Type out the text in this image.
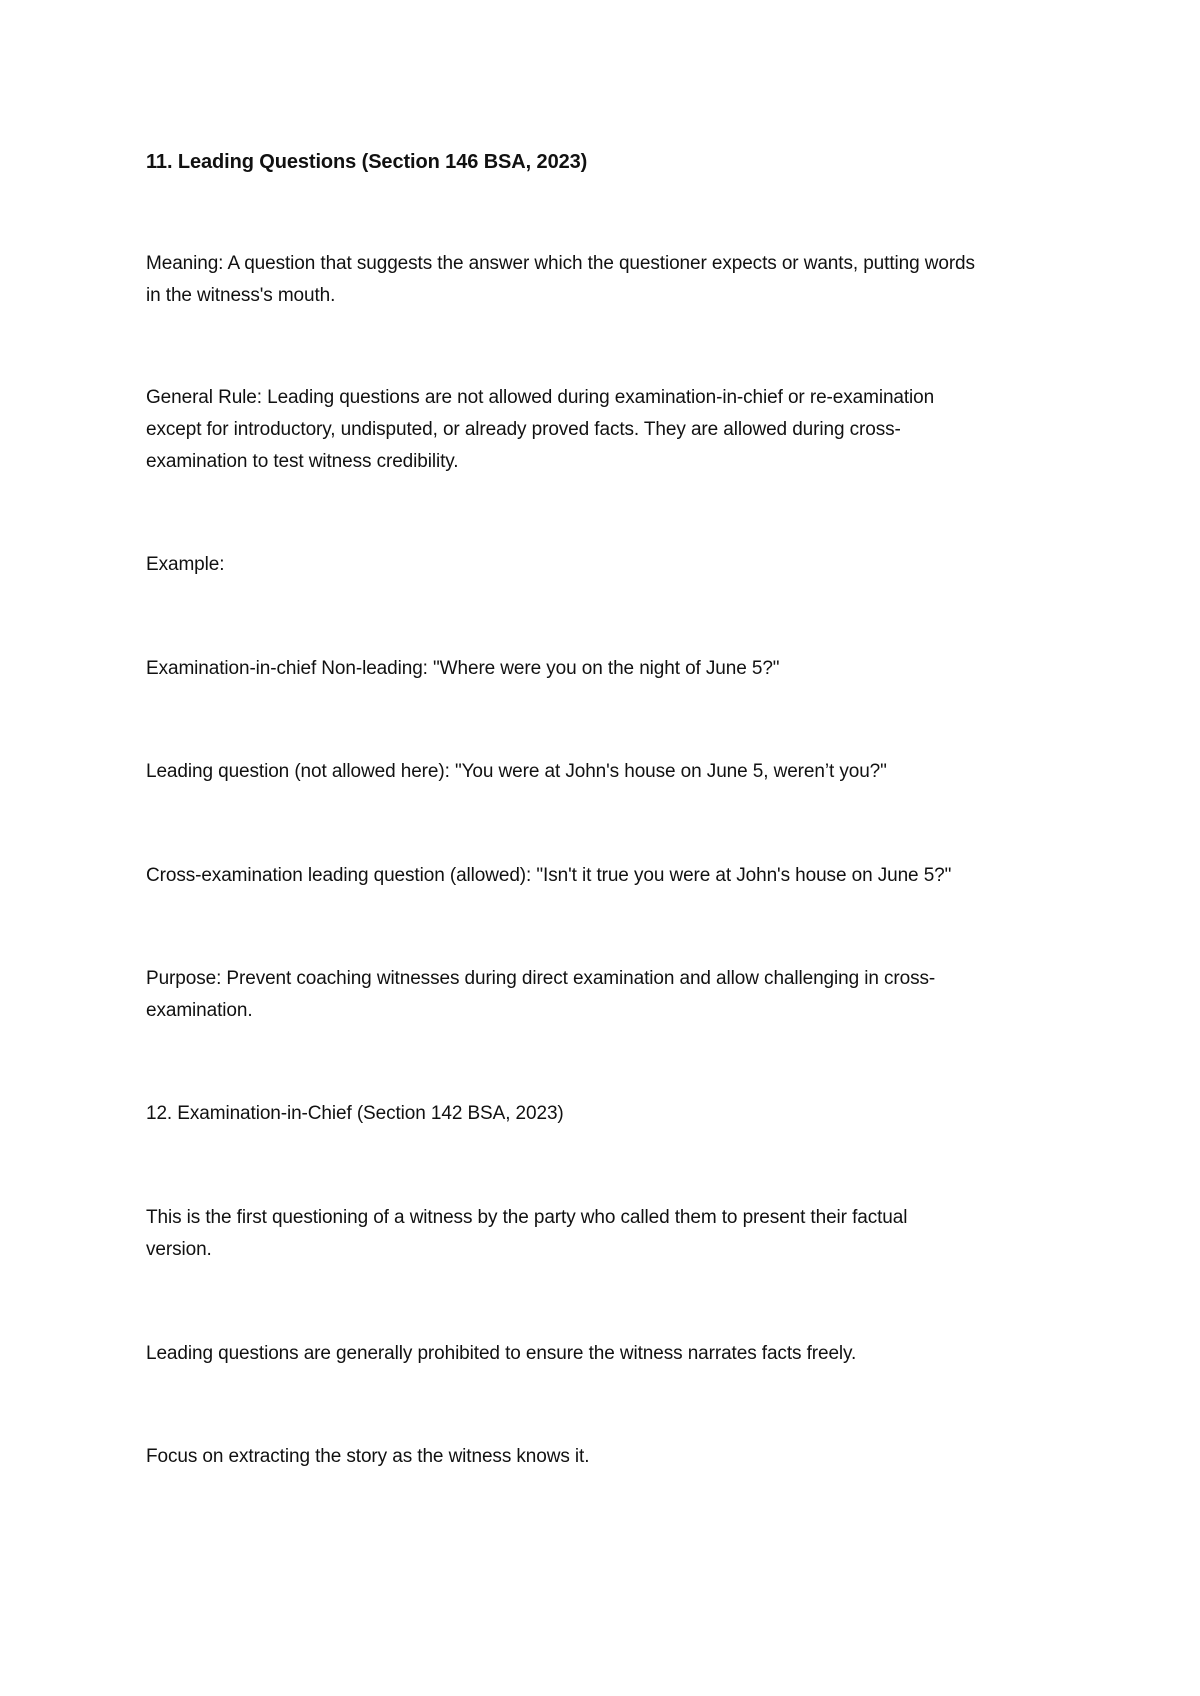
11. Leading Questions (Section 146 BSA, 2023)
Meaning: A question that suggests the answer which the questioner expects or wants, putting words
in the witness's mouth.
General Rule: Leading questions are not allowed during examination-in-chief or re-examination
except for introductory, undisputed, or already proved facts. They are allowed during cross-
examination to test witness credibility.
Example:
Examination-in-chief Non-leading: "Where were you on the night of June 5?"
Leading question (not allowed here): "You were at John's house on June 5, weren’t you?"
Cross-examination leading question (allowed): "Isn't it true you were at John's house on June 5?"
Purpose: Prevent coaching witnesses during direct examination and allow challenging in cross-
examination.
12. Examination-in-Chief (Section 142 BSA, 2023)
This is the first questioning of a witness by the party who called them to present their factual
version.
Leading questions are generally prohibited to ensure the witness narrates facts freely.
Focus on extracting the story as the witness knows it.
